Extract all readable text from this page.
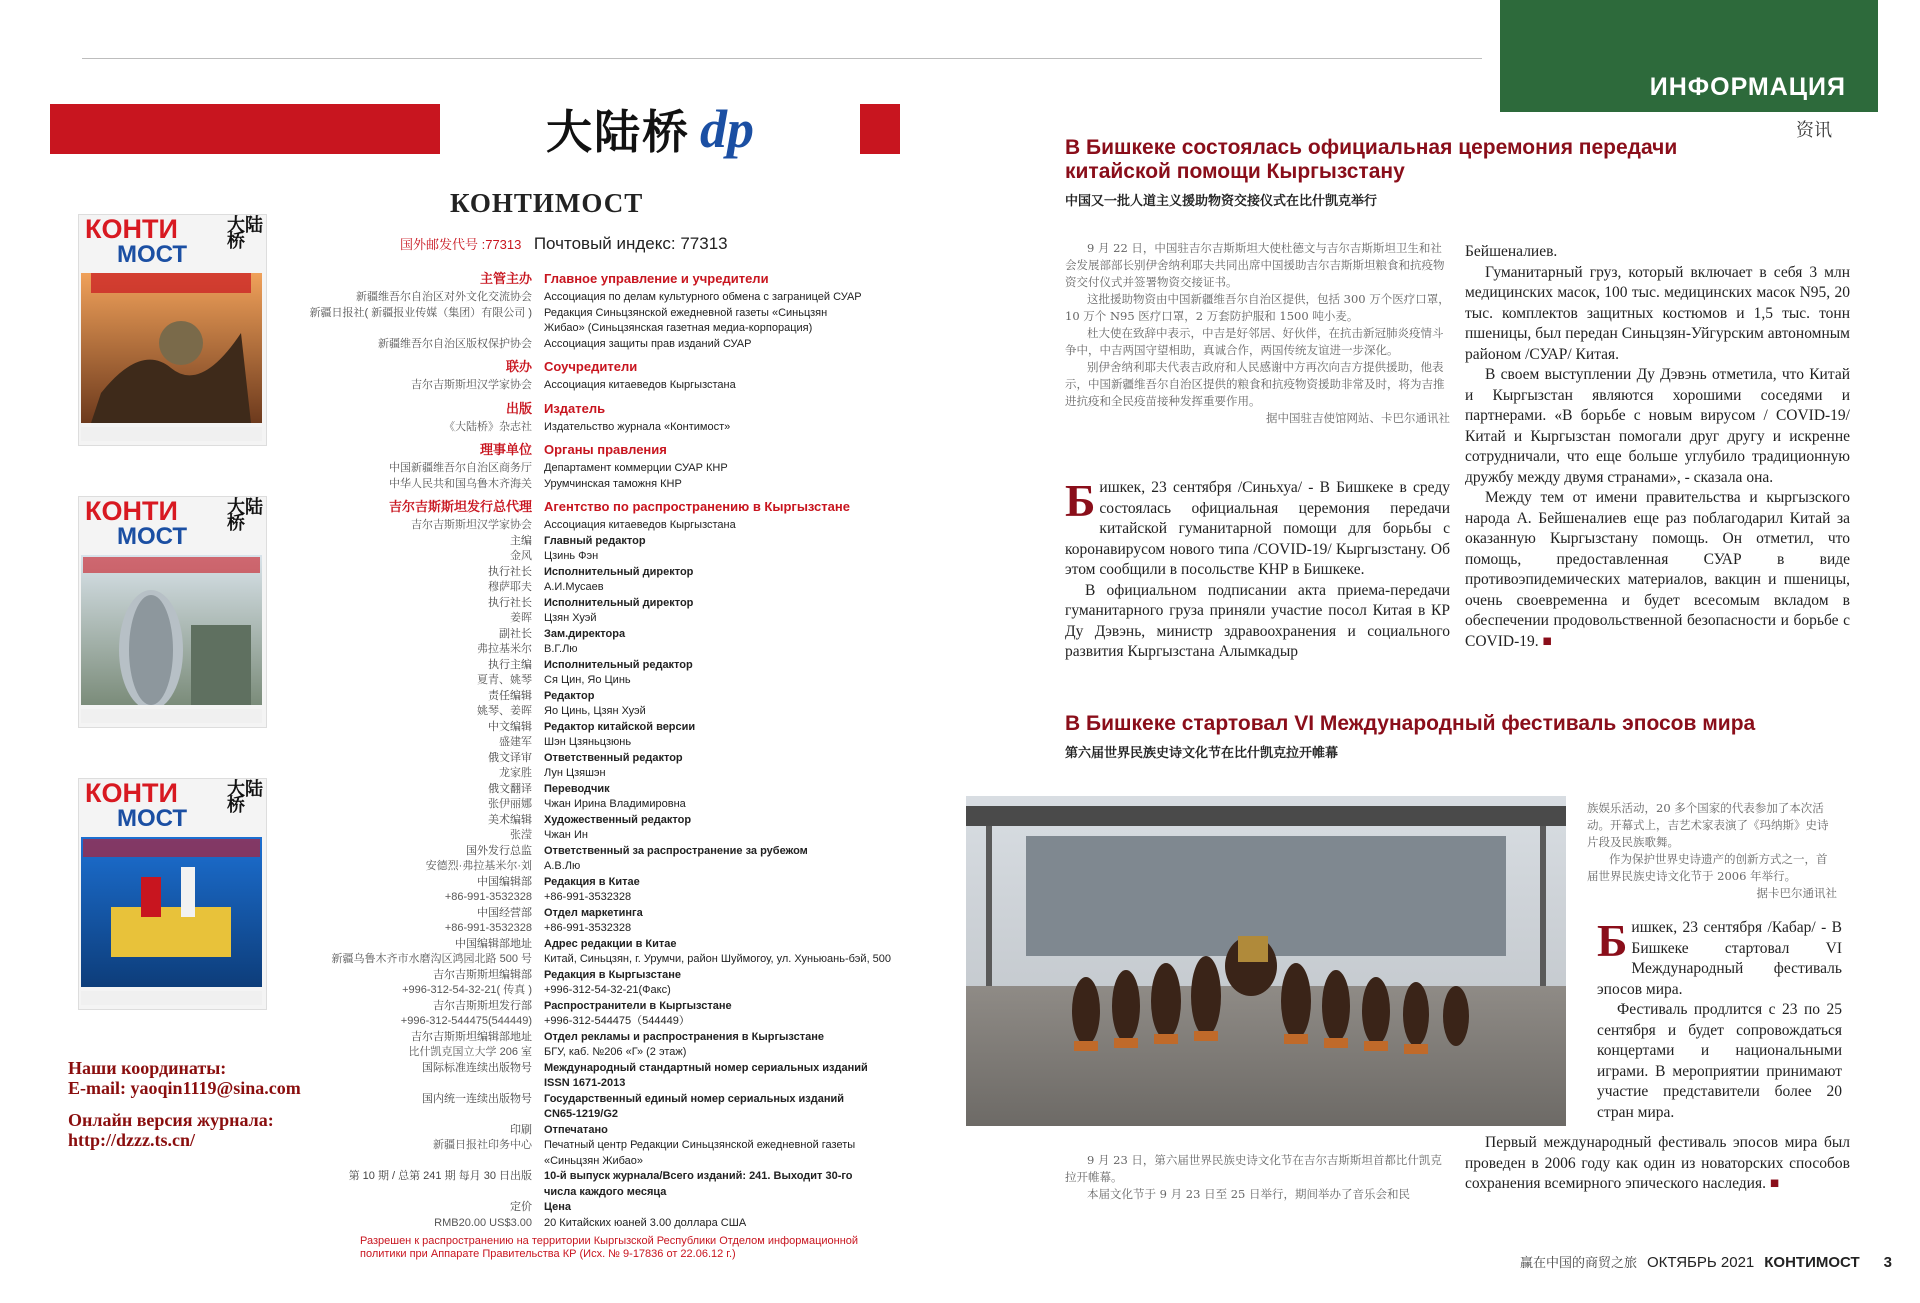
ИНФОРМАЦИЯ
资讯
大陆桥 dp
КОНТИМОСТ
国外邮发代号 :77313 Почтовый индекс: 77313
主管主办 Главное управление и учредители
新疆维吾尔自治区对外文化交流协会	Ассоциация по делам культурного обмена с заграницей СУАР
新疆日报社( 新疆报业传媒（集团）有限公司 )	Редакция Синьцзянской ежедневной газеты «Синьцзян
Жибао» (Синьцзянская газетная медиа-корпорация)
新疆维吾尔自治区版权保护协会	Ассоциация защиты прав изданий СУАР
联办 Соучредители
吉尔吉斯斯坦汉学家协会	Ассоциация китаеведов Кыргызстана
出版 Издатель
《大陆桥》杂志社	Издательство журнала «Контимост»
理事单位 Органы правления
中国新疆维吾尔自治区商务厅	Департамент коммерции СУАР КНР
中华人民共和国乌鲁木齐海关	Урумчинская таможня КНР
吉尔吉斯斯坦发行总代理 Агентство по распространению в Кыргызстане
吉尔吉斯斯坦汉学家协会	Ассоциация китаеведов Кыргызстана
主编	Главный редактор
金风	Цзинь Фэн
执行社长	Исполнительный директор
穆萨耶夫	А.И.Мусаев
执行社长	Исполнительный директор
姜晖	Цзян Хуэй
副社长	Зам.директора
弗拉基米尔	В.Г.Лю
执行主编	Исполнительный редактор
夏青、姚琴	Ся Цин, Яо Цинь
责任编辑	Редактор
姚琴、姜晖	Яо Цинь, Цзян Хуэй
中文编辑	Редактор китайской версии
盛建军	Шэн Цзяньцзюнь
俄文译审	Ответственный редактор
龙家胜	Лун Цзяшэн
俄文翻译	Переводчик
张伊丽娜	Чжан Ирина Владимировна
美术编辑	Художественный редактор
张滢	Чжан Ин
国外发行总监	Ответственный за распространение за рубежом
安德烈·弗拉基米尔·刘	А.В.Лю
中国编辑部	Редакция в Китае
+86-991-3532328	+86-991-3532328
中国经营部	Отдел маркетинга
+86-991-3532328	+86-991-3532328
中国编辑部地址	Адрес редакции в Китае
新疆乌鲁木齐市水磨沟区鸿园北路 500 号	Китай, Синьцзян, г. Урумчи, район Шуймогоу, ул. Хуньюань-бэй, 500
吉尔吉斯斯坦编辑部	Редакция в Кыргызстане
+996-312-54-32-21( 传真 )	+996-312-54-32-21(Факс)
吉尔吉斯斯坦发行部	Распространители в Кыргызстане
+996-312-544475(544449)	+996-312-544475（544449）
吉尔吉斯斯坦编辑部地址	Отдел рекламы и распространения в Кыргызстане
比什凯克国立大学 206 室	БГУ, каб. №206 «Г» (2 этаж)
国际标准连续出版物号	Международный стандартный номер сериальных изданий
ISSN 1671-2013
国内统一连续出版物号	Государственный единый номер сериальных изданий
CN65-1219/G2
印刷	Отпечатано
新疆日报社印务中心	Печатный центр Редакции Синьцзянской ежедневной газеты
«Синьцзян Жибао»
第 10 期 / 总第 241 期 每月 30 日出版	10-й выпуск журнала/Всего изданий: 241. Выходит 30-го
числа каждого месяца
定价	Цена
RMB20.00 US$3.00	20 Китайских юаней 3.00 доллара США
Разрешен к распространению на территории Кыргызской Республики Отделом информационной политики при Аппарате Правительства КР (Исх. № 9-17836 от 22.06.12 г.)
КОНТИ
МОСТ
大陆桥
КОНТИ
МОСТ
大陆桥
КОНТИ
МОСТ
大陆桥
Наши координаты:
E-mail: yaoqin1119@sina.com
Онлайн версия журнала:
http://dzzz.ts.cn/
В Бишкеке состоялась официальная церемония передачи китайской помощи Кыргызстану
中国又一批人道主义援助物资交接仪式在比什凯克举行
9 月 22 日，中国驻吉尔吉斯斯坦大使杜德文与吉尔吉斯斯坦卫生和社会发展部部长别伊舍纳利耶夫共同出席中国援助吉尔吉斯斯坦粮食和抗疫物资交付仪式并签署物资交接证书。
这批援助物资由中国新疆维吾尔自治区提供，包括 300 万个医疗口罩，10 万个 N95 医疗口罩，2 万套防护服和 1500 吨小麦。
杜大使在致辞中表示，中吉是好邻居、好伙伴，在抗击新冠肺炎疫情斗争中，中吉两国守望相助，真诚合作，两国传统友谊进一步深化。
别伊舍纳利耶夫代表吉政府和人民感谢中方再次向吉方提供援助，他表示，中国新疆维吾尔自治区提供的粮食和抗疫物资援助非常及时，将为吉推进抗疫和全民疫苗接种发挥重要作用。
据中国驻吉使馆网站、卡巴尔通讯社

Бишкек, 23 сентября /Синьхуа/ - В Бишкеке в среду состоялась официальная церемония передачи китайской гуманитарной помощи для борьбы с коронавирусом нового типа /COVID-19/ Кыргызстану. Об этом сообщили в посольстве КНР в Бишкеке.

В официальном подписании акта приема-передачи гуманитарного груза приняли участие посол Китая в КР Ду Дэвэнь, министр здравоохранения и социального развития Кыргызстана Алымкадыр

Бейшеналиев.

Гуманитарный груз, который включает в себя 3 млн медицинских масок, 100 тыс. медицинских масок N95, 20 тыс. комплектов защитных костюмов и 1,5 тыс. тонн пшеницы, был передан Синьцзян-Уйгурским автономным районом /СУАР/ Китая.

В своем выступлении Ду Дэвэнь отметила, что Китай и Кыргызстан являются хорошими соседями и партнерами. «В борьбе с новым вирусом / COVID-19/ Китай и Кыргызстан помогали друг другу и искренне сотрудничали, что еще больше углубило традиционную дружбу между двумя странами», - сказала она.

Между тем от имени правительства и кыргызского народа А. Бейшеналиев еще раз поблагодарил Китай за оказанную Кыргызстану помощь. Он отметил, что помощь, предоставленная СУАР в виде противоэпидемических материалов, вакцин и пшеницы, очень своевременна и будет всесомым вкладом в обеспечении продовольственной безопасности и борьбе с COVID-19. ■

В Бишкеке стартовал VI Международный фестиваль эпосов мира
第六届世界民族史诗文化节在比什凯克拉开帷幕
族娱乐活动，20 多个国家的代表参加了本次活动。开幕式上，吉艺术家表演了《玛纳斯》史诗片段及民族歌舞。
作为保护世界史诗遗产的创新方式之一，首届世界民族史诗文化节于 2006 年举行。
据卡巴尔通讯社

Бишкек, 23 сентября /Кабар/ - В Бишкеке стартовал VI Международный фестиваль эпосов мира.

Фестиваль продлится с 23 по 25 сентября и будет сопровождаться концертами и национальными играми. В мероприятии принимают участие представители более 20 стран мира.

9 月 23 日，第六届世界民族史诗文化节在吉尔吉斯斯坦首都比什凯克拉开帷幕。
本届文化节于 9 月 23 日至 25 日举行，期间举办了音乐会和民

Первый международный фестиваль эпосов мира был проведен в 2006 году как один из новаторских способов сохранения всемирного эпического наследия. ■

赢在中国的商贸之旅 ОКТЯБРЬ 2021 КОНТИМОСТ 3
